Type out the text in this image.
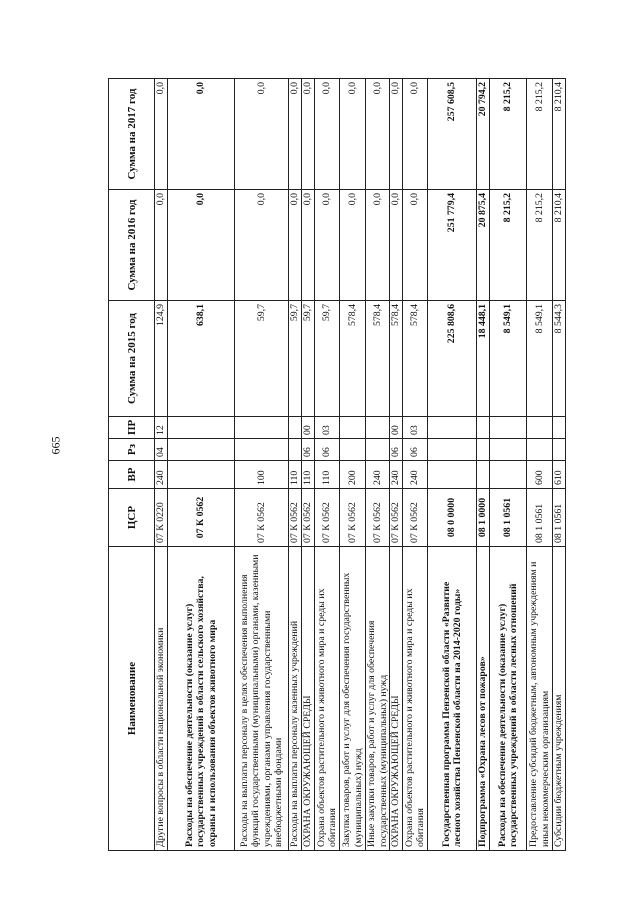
665
Наименование	ЦСР	ВР	Рз	ПР	Сумма на 2015 год	Сумма на 2016 год	Сумма на 2017 год
Другие вопросы в области национальной экономики	07 К 0220	240	04	12	124,9	0,0	0,0
Расходы на обеспечение деятельности (оказание услуг) государственных учреждений в области сельского хозяйства, охраны и использования объектов животного мира	07 К 0562				638,1	0,0	0,0
Расходы на выплаты персоналу в целях обеспечения выполнения функций государственными (муниципальными) органами, казенными учреждениями, органами управления государственными внебюджетными фондами	07 К 0562	100			59,7	0,0	0,0
Расходы на выплаты персоналу казенных учреждений	07 К 0562	110			59,7	0,0	0,0
ОХРАНА ОКРУЖАЮЩЕЙ СРЕДЫ	07 К 0562	110	06	00	59,7	0,0	0,0
Охрана объектов растительного и животного мира и среды их обитания	07 К 0562	110	06	03	59,7	0,0	0,0
Закупка товаров, работ и услуг для обеспечения государственных (муниципальных) нужд	07 К 0562	200			578,4	0,0	0,0
Иные закупки товаров, работ и услуг для обеспечения государственных (муниципальных) нужд	07 К 0562	240			578,4	0,0	0,0
ОХРАНА ОКРУЖАЮЩЕЙ СРЕДЫ	07 К 0562	240	06	00	578,4	0,0	0,0
Охрана объектов растительного и животного мира и среды их обитания	07 К 0562	240	06	03	578,4	0,0	0,0
Государственная программа Пензенской области «Развитие лесного хозяйства Пензенской области на 2014-2020 годы»	08 0 0000				225 808,6	251 779,4	257 608,5
Подпрограмма «Охрана лесов от пожаров»	08 1 0000				18 448,1	20 875,4	20 794,2
Расходы на обеспечение деятельности (оказание услуг) государственных учреждений в области лесных отношений	08 1 0561				8 549,1	8 215,2	8 215,2
Предоставление субсидий бюджетным, автономным учреждениям и иным некоммерческим организациям	08 1 0561	600			8 549,1	8 215,2	8 215,2
Субсидии бюджетным учреждениям	08 1 0561	610			8 544,3	8 210,4	8 210,4
